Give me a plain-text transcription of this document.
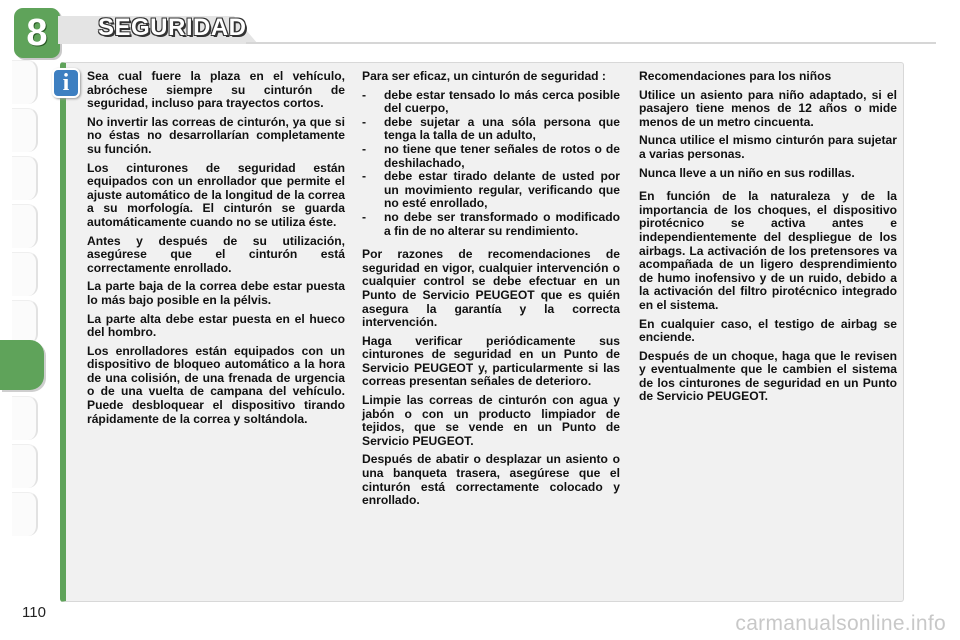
8 SEGURIDAD
i Sea cual fuere la plaza en el vehículo, abróchese siempre su cinturón de seguridad, incluso para trayectos cortos.

No invertir las correas de cinturón, ya que si no éstas no desarrollarían completamente su función.

Los cinturones de seguridad están equipados con un enrollador que permite el ajuste automático de la longitud de la correa a su morfología. El cinturón se guarda automáticamente cuando no se utiliza éste.

Antes y después de su utilización, asegúrese que el cinturón está correctamente enrollado.

La parte baja de la correa debe estar puesta lo más bajo posible en la pélvis.

La parte alta debe estar puesta en el hueco del hombro.

Los enrolladores están equipados con un dispositivo de bloqueo automático a la hora de una colisión, de una frenada de urgencia o de una vuelta de campana del vehículo. Puede desbloquear el dispositivo tirando rápidamente de la correa y soltándola.

Para ser eficaz, un cinturón de seguridad :

- debe estar tensado lo más cerca posible del cuerpo,
- debe sujetar a una sóla persona que tenga la talla de un adulto,
- no tiene que tener señales de rotos o de deshilachado,
- debe estar tirado delante de usted por un movimiento regular, verificando que no esté enrollado,
- no debe ser transformado o modificado a fin de no alterar su rendimiento.

Por razones de recomendaciones de seguridad en vigor, cualquier intervención o cualquier control se debe efectuar en un Punto de Servicio PEUGEOT que es quién asegura la garantía y la correcta intervención.

Haga verificar periódicamente sus cinturones de seguridad en un Punto de Servicio PEUGEOT y, particularmente si las correas presentan señales de deterioro.

Limpie las correas de cinturón con agua y jabón o con un producto limpiador de tejidos, que se vende en un Punto de Servicio PEUGEOT.

Después de abatir o desplazar un asiento o una banqueta trasera, asegúrese que el cinturón está correctamente colocado y enrollado.

Recomendaciones para los niños

Utilice un asiento para niño adaptado, si el pasajero tiene menos de 12 años o mide menos de un metro cincuenta.

Nunca utilice el mismo cinturón para sujetar a varias personas.

Nunca lleve a un niño en sus rodillas.

En función de la naturaleza y de la importancia de los choques, el dispositivo pirotécnico se activa antes e independientemente del despliegue de los airbags. La activación de los pretensores va acompañada de un ligero desprendimiento de humo inofensivo y de un ruido, debido a la activación del filtro pirotécnico integrado en el sistema.

En cualquier caso, el testigo de airbag se enciende.

Después de un choque, haga que le revisen y eventualmente que le cambien el sistema de los cinturones de seguridad en un Punto de Servicio PEUGEOT.

110	carmanualsonline.info
